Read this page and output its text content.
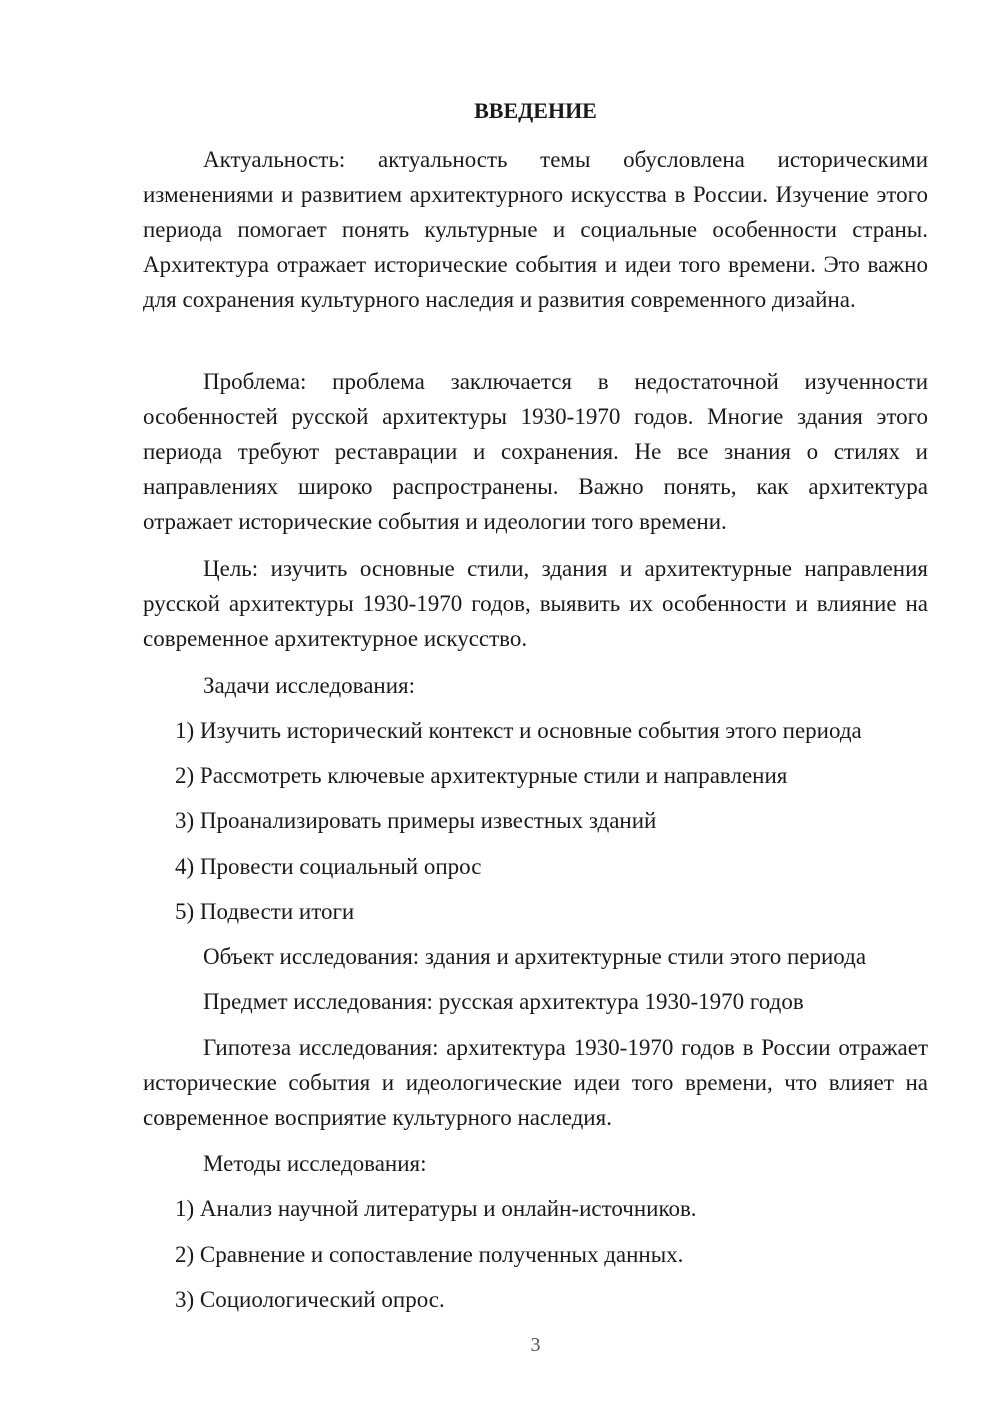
ВВЕДЕНИЕ

Актуальность: актуальность темы обусловлена историческими изменениями и развитием архитектурного искусства в России. Изучение этого периода помогает понять культурные и социальные особенности страны. Архитектура отражает исторические события и идеи того времени. Это важно для сохранения культурного наследия и развития современного дизайна.

Проблема: проблема заключается в недостаточной изученности особенностей русской архитектуры 1930-1970 годов. Многие здания этого периода требуют реставрации и сохранения. Не все знания о стилях и направлениях широко распространены. Важно понять, как архитектура отражает исторические события и идеологии того времени.

Цель: изучить основные стили, здания и архитектурные направления русской архитектуры 1930-1970 годов, выявить их особенности и влияние на современное архитектурное искусство.

Задачи исследования:

1) Изучить исторический контекст и основные события этого периода

2) Рассмотреть ключевые архитектурные стили и направления

3) Проанализировать примеры известных зданий

4) Провести социальный опрос

5) Подвести итоги

Объект исследования: здания и архитектурные стили этого периода

Предмет исследования: русская архитектура 1930-1970 годов

Гипотеза исследования: архитектура 1930-1970 годов в России отражает исторические события и идеологические идеи того времени, что влияет на современное восприятие культурного наследия.

Методы исследования:

1) Анализ научной литературы и онлайн-источников.

2) Сравнение и сопоставление полученных данных.

3) Социологический опрос.

3
